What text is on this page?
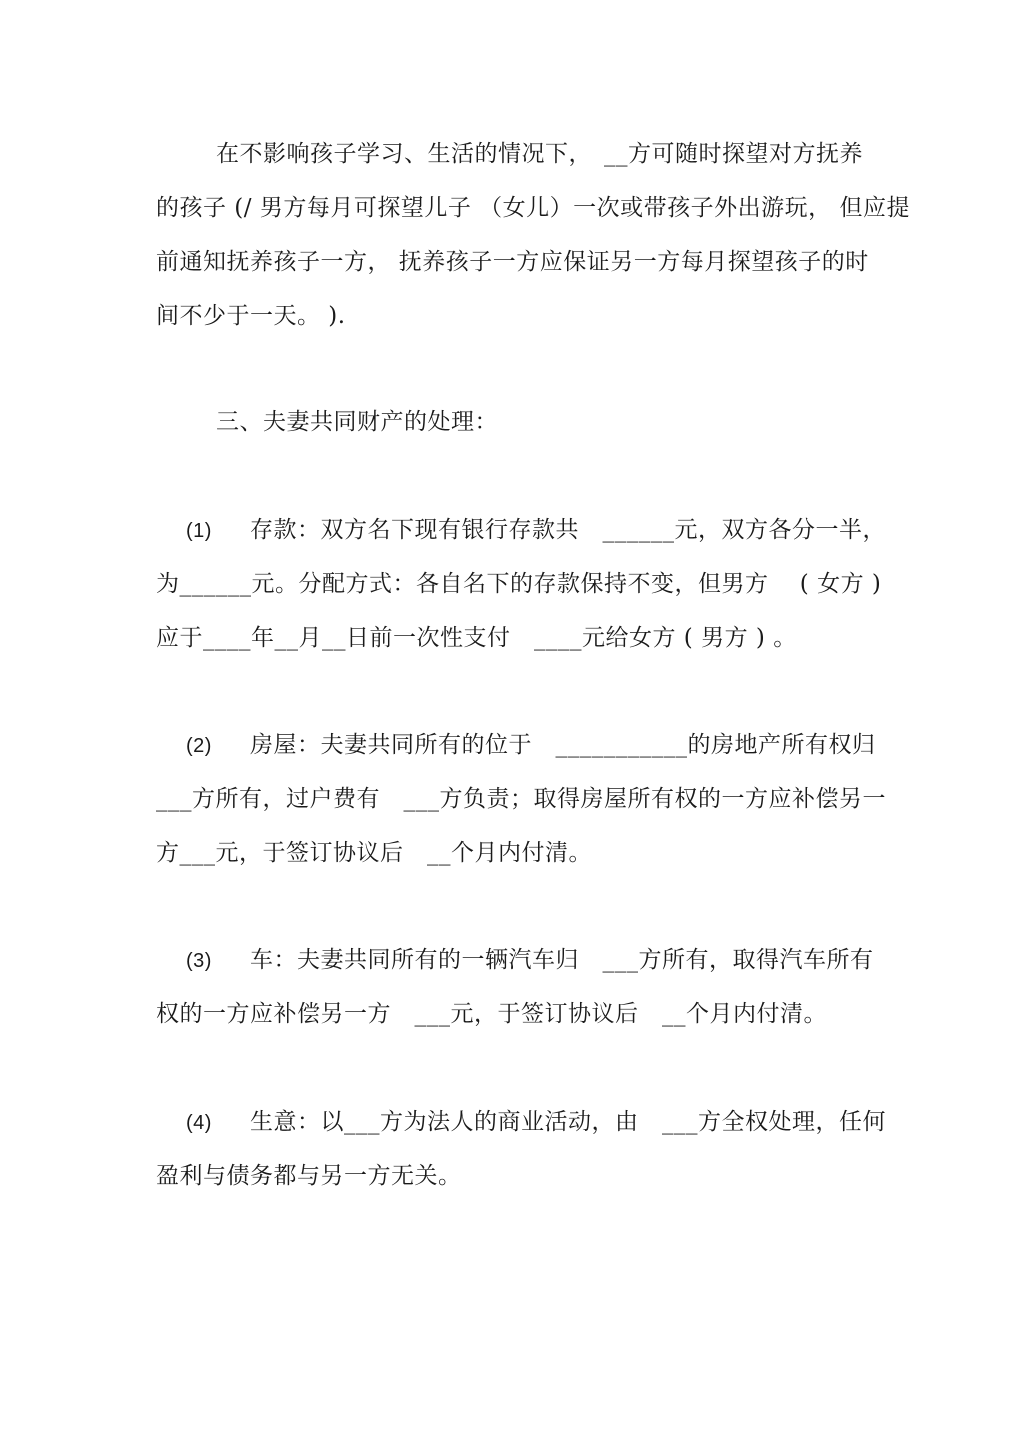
在不影响孩子学习、生活的情况下，　__方可随时探望对方抚养
的孩子 (/ 男方每月可探望儿子 （女儿）一次或带孩子外出游玩， 但应提
前通知抚养孩子一方， 抚养孩子一方应保证另一方每月探望孩子的时
间不少于一天。 ).
三、夫妻共同财产的处理：
(1) 存款：双方名下现有银行存款共　______元，双方各分一半，
为______元。分配方式：各自名下的存款保持不变，但男方　 ( 女方 )
应于____年__月__日前一次性支付　____元给女方 ( 男方 ) 。
(2) 房屋：夫妻共同所有的位于　___________的房地产所有权归
___方所有，过户费有　___方负责；取得房屋所有权的一方应补偿另一
方___元，于签订协议后　__个月内付清。
(3) 车：夫妻共同所有的一辆汽车归　___方所有，取得汽车所有
权的一方应补偿另一方　___元，于签订协议后　__个月内付清。
(4) 生意：以___方为法人的商业活动，由　___方全权处理，任何
盈利与债务都与另一方无关。
